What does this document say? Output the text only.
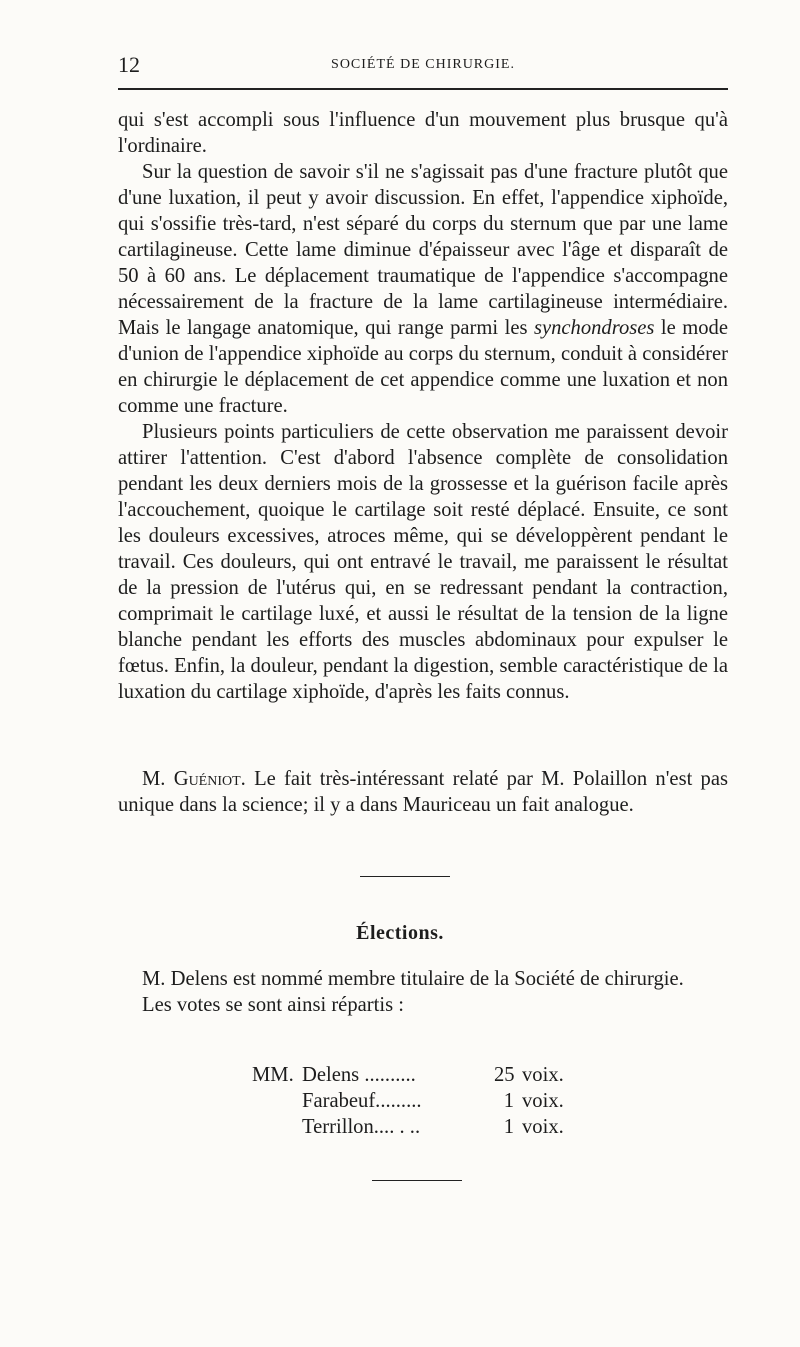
12	SOCIÉTÉ DE CHIRURGIE.

qui s'est accompli sous l'influence d'un mouvement plus brusque qu'à l'ordinaire.

Sur la question de savoir s'il ne s'agissait pas d'une fracture plutôt que d'une luxation, il peut y avoir discussion. En effet, l'appendice xiphoïde, qui s'ossifie très-tard, n'est séparé du corps du sternum que par une lame cartilagineuse. Cette lame diminue d'épaisseur avec l'âge et disparaît de 50 à 60 ans. Le déplacement traumatique de l'appendice s'accompagne nécessairement de la fracture de la lame cartilagineuse intermédiaire. Mais le langage anatomique, qui range parmi les synchondroses le mode d'union de l'appendice xiphoïde au corps du sternum, conduit à considérer en chirurgie le déplacement de cet appendice comme une luxation et non comme une fracture.

Plusieurs points particuliers de cette observation me paraissent devoir attirer l'attention. C'est d'abord l'absence complète de consolidation pendant les deux derniers mois de la grossesse et la guérison facile après l'accouchement, quoique le cartilage soit resté déplacé. Ensuite, ce sont les douleurs excessives, atroces même, qui se développèrent pendant le travail. Ces douleurs, qui ont entravé le travail, me paraissent le résultat de la pression de l'utérus qui, en se redressant pendant la contraction, comprimait le cartilage luxé, et aussi le résultat de la tension de la ligne blanche pendant les efforts des muscles abdominaux pour expulser le fœtus. Enfin, la douleur, pendant la digestion, semble caractéristique de la luxation du cartilage xiphoïde, d'après les faits connus.

M. Guéniot. Le fait très-intéressant relaté par M. Polaillon n'est pas unique dans la science; il y a dans Mauriceau un fait analogue.

Élections.

M. Delens est nommé membre titulaire de la Société de chirurgie.

Les votes se sont ainsi répartis :

MM. Delens ..........	25 voix.
Farabeuf.........	1 voix.
Terrillon.... . ..	1 voix.
